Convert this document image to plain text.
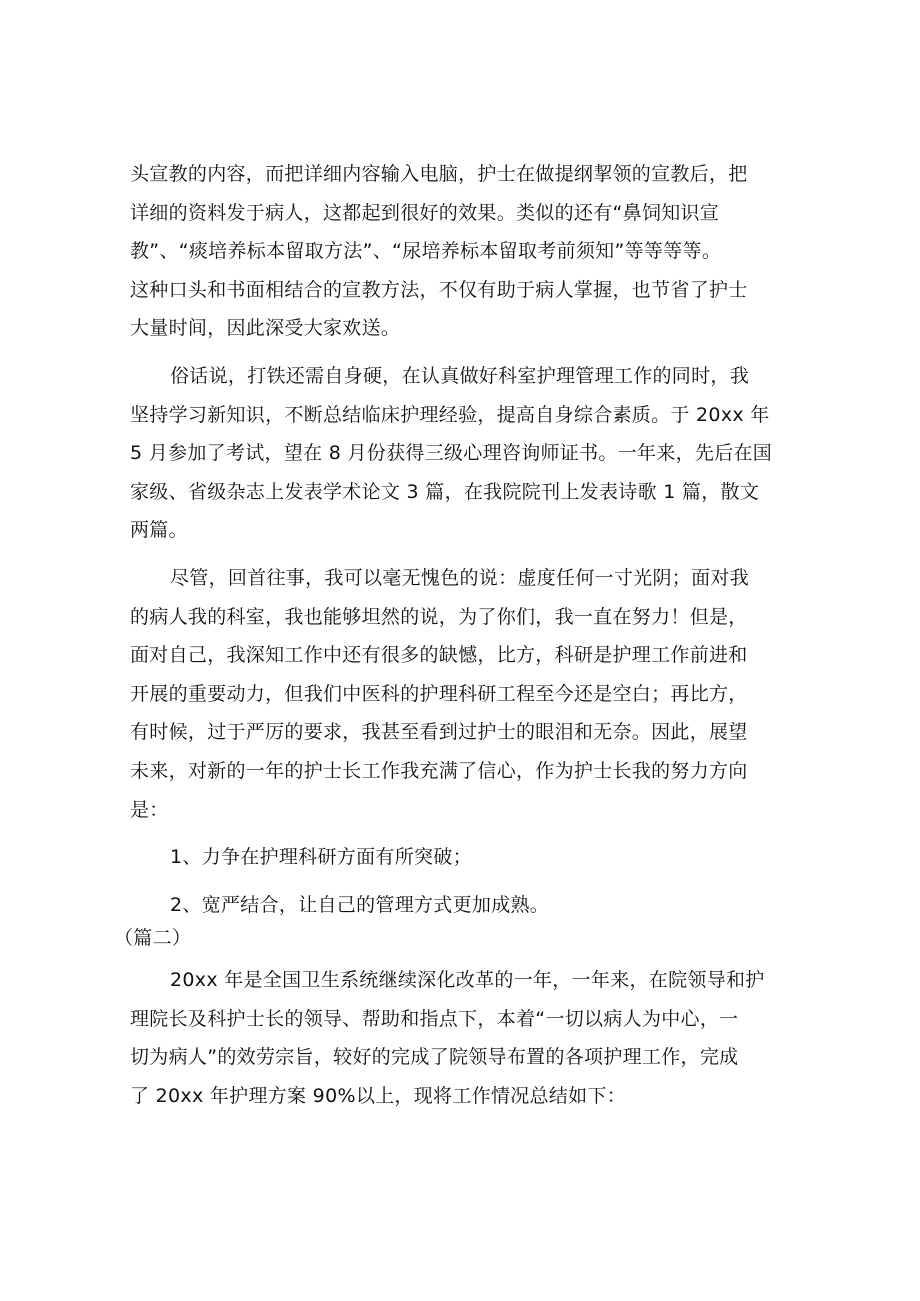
头宣教的内容，而把详细内容输入电脑，护士在做提纲挈领的宣教后，把
详细的资料发于病人，这都起到很好的效果。类似的还有“鼻饲知识宣
教”、“痰培养标本留取方法”、“尿培养标本留取考前须知”等等等等。
这种口头和书面相结合的宣教方法，不仅有助于病人掌握，也节省了护士
大量时间，因此深受大家欢送。

俗话说，打铁还需自身硬，在认真做好科室护理管理工作的同时，我
坚持学习新知识，不断总结临床护理经验，提高自身综合素质。于 20xx 年
5 月参加了考试，望在 8 月份获得三级心理咨询师证书。一年来，先后在国
家级、省级杂志上发表学术论文 3 篇，在我院院刊上发表诗歌 1 篇，散文
两篇。

尽管，回首往事，我可以毫无愧色的说：虚度任何一寸光阴；面对我
的病人我的科室，我也能够坦然的说，为了你们，我一直在努力！但是，
面对自己，我深知工作中还有很多的缺憾，比方，科研是护理工作前进和
开展的重要动力，但我们中医科的护理科研工程至今还是空白；再比方，
有时候，过于严厉的要求，我甚至看到过护士的眼泪和无奈。因此，展望
未来，对新的一年的护士长工作我充满了信心，作为护士长我的努力方向
是：

1、力争在护理科研方面有所突破；

2、宽严结合，让自己的管理方式更加成熟。

（篇二）

20xx 年是全国卫生系统继续深化改革的一年，一年来，在院领导和护
理院长及科护士长的领导、帮助和指点下，本着“一切以病人为中心，一
切为病人”的效劳宗旨，较好的完成了院领导布置的各项护理工作，完成
了 20xx 年护理方案 90%以上，现将工作情况总结如下：
